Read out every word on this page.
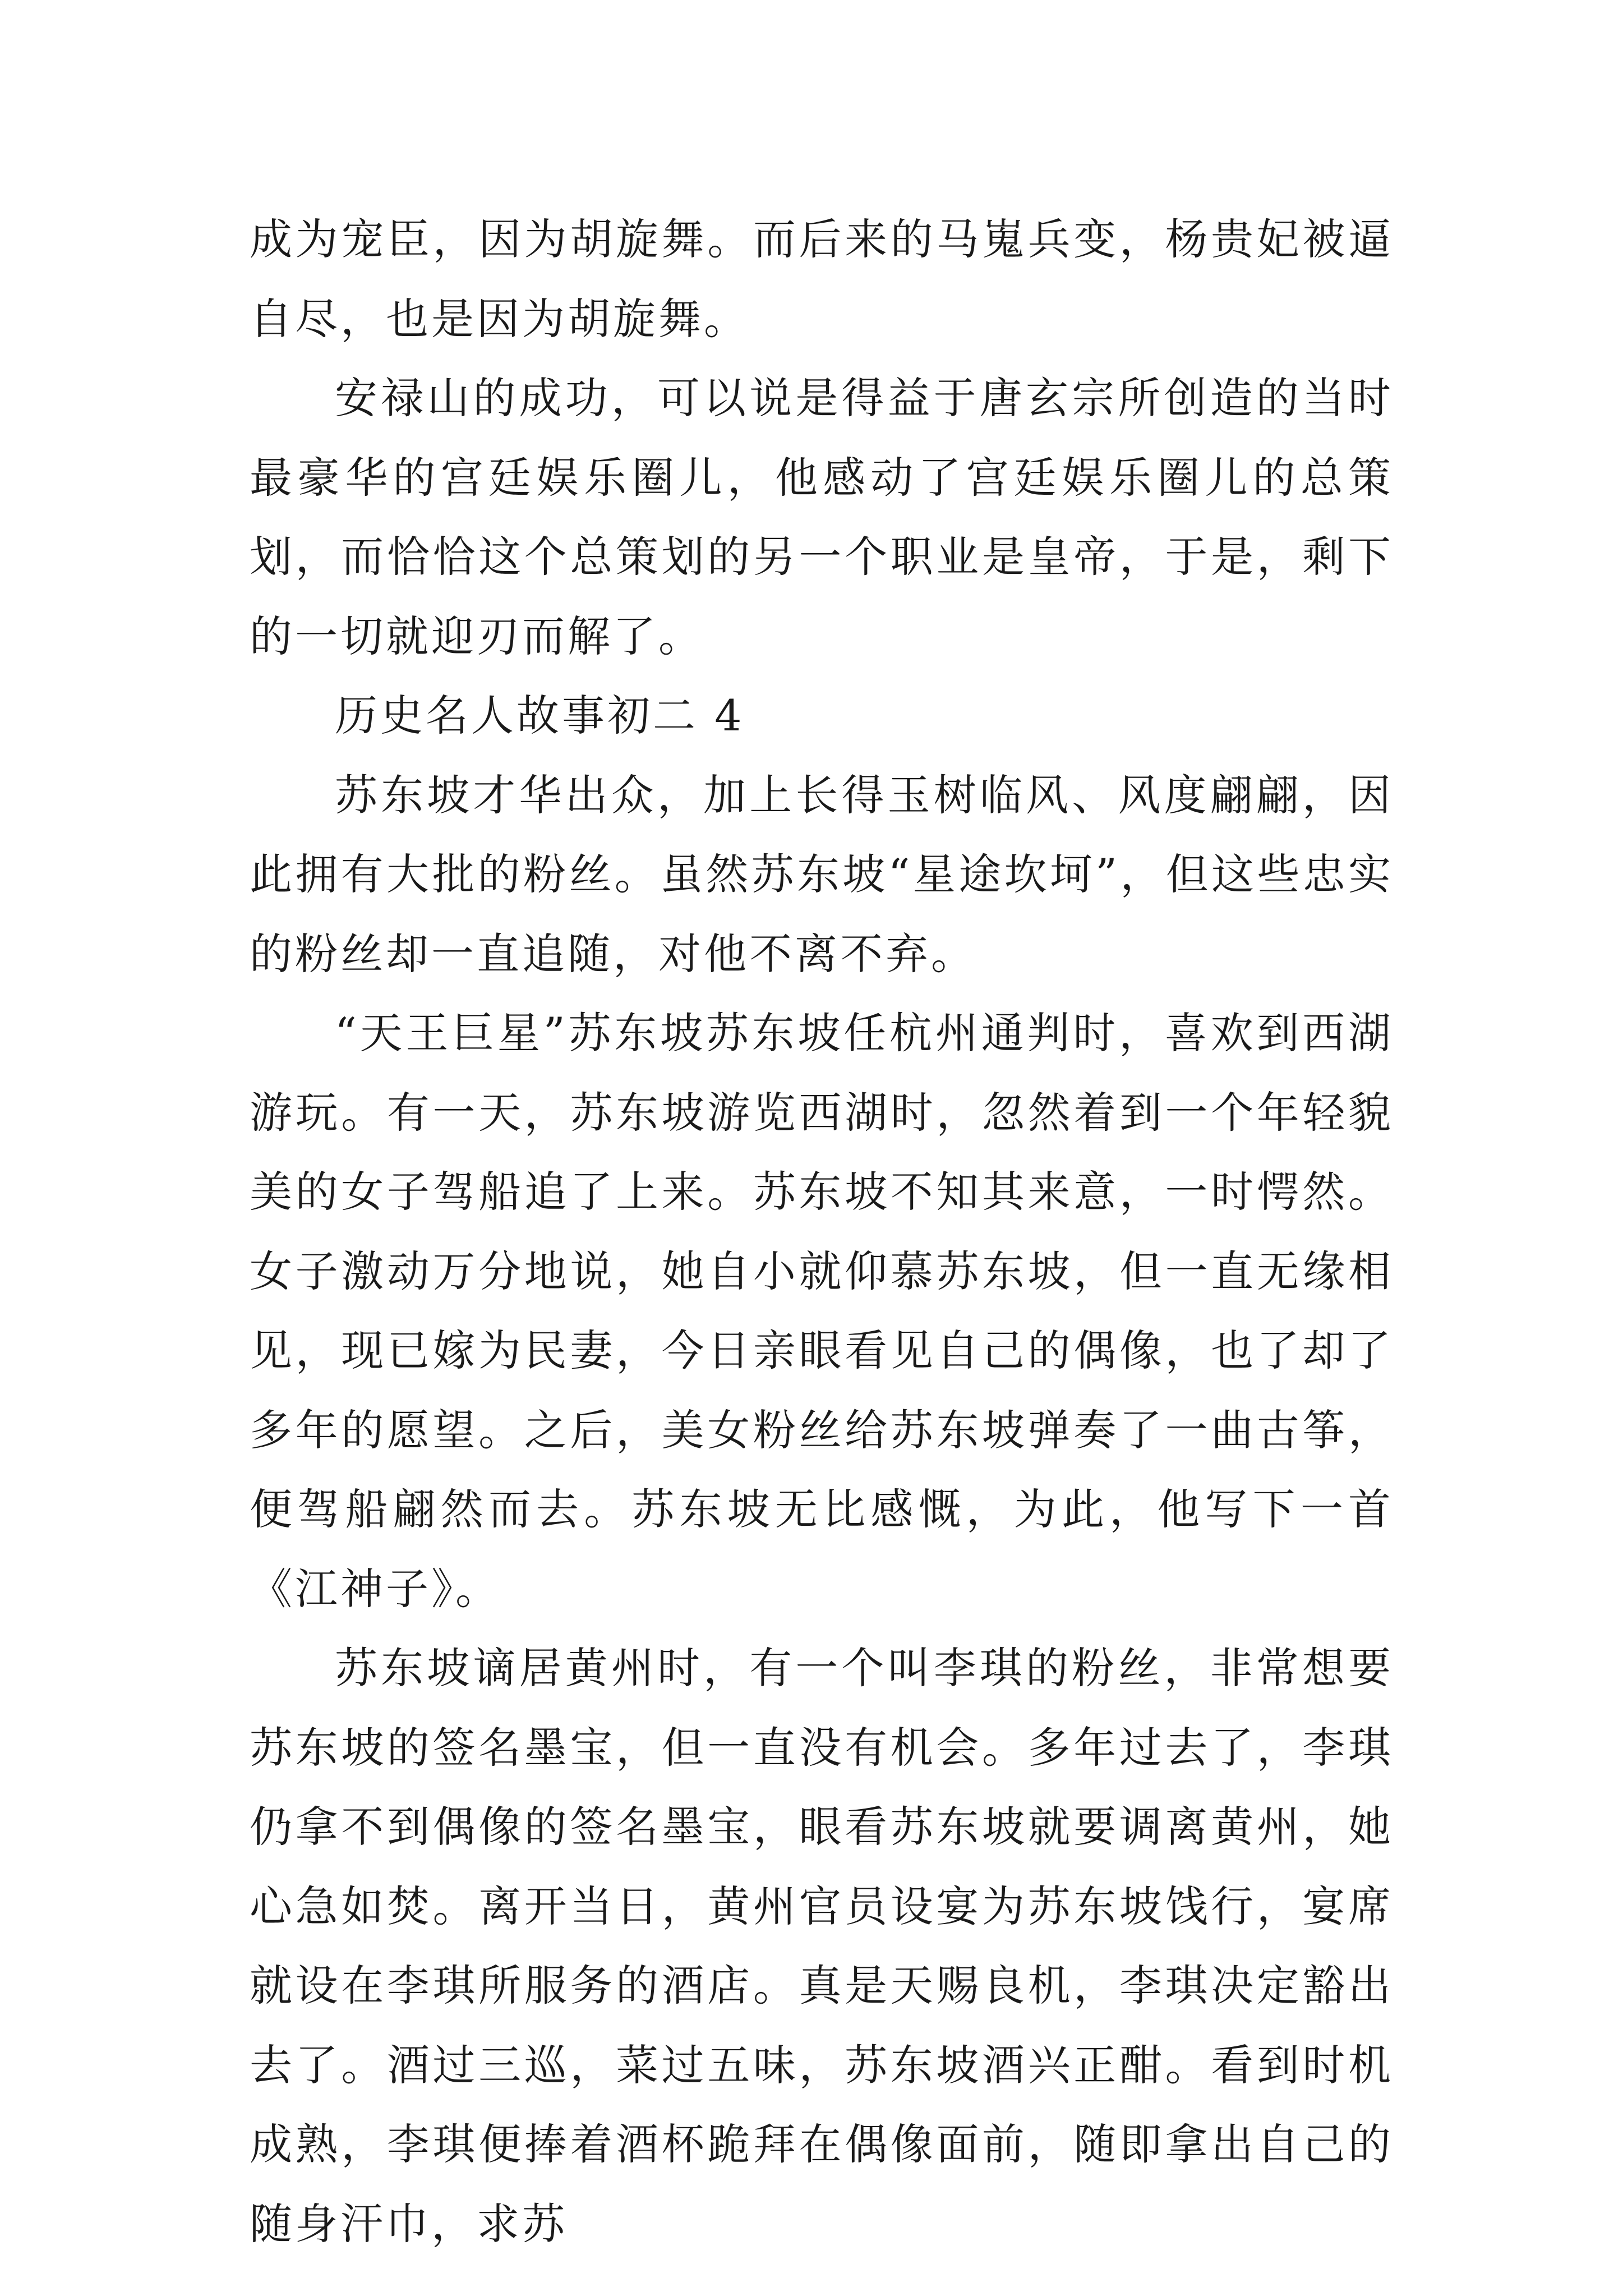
成为宠臣，因为胡旋舞。而后来的马嵬兵变，杨贵妃被逼自尽，也是因为胡旋舞。

安禄山的成功，可以说是得益于唐玄宗所创造的当时最豪华的宫廷娱乐圈儿，他感动了宫廷娱乐圈儿的总策划，而恰恰这个总策划的另一个职业是皇帝，于是，剩下的一切就迎刃而解了。

历史名人故事初二 4

苏东坡才华出众，加上长得玉树临风、风度翩翩，因此拥有大批的粉丝。虽然苏东坡“星途坎坷”，但这些忠实的粉丝却一直追随，对他不离不弃。

“天王巨星”苏东坡苏东坡任杭州通判时，喜欢到西湖游玩。有一天，苏东坡游览西湖时，忽然着到一个年轻貌美的女子驾船追了上来。苏东坡不知其来意，一时愕然。女子激动万分地说，她自小就仰慕苏东坡，但一直无缘相见，现已嫁为民妻，今日亲眼看见自己的偶像，也了却了多年的愿望。之后，美女粉丝给苏东坡弹奏了一曲古筝，便驾船翩然而去。苏东坡无比感慨，为此，他写下一首《江神子》。

苏东坡谪居黄州时，有一个叫李琪的粉丝，非常想要苏东坡的签名墨宝，但一直没有机会。多年过去了，李琪仍拿不到偶像的签名墨宝，眼看苏东坡就要调离黄州，她心急如焚。离开当日，黄州官员设宴为苏东坡饯行，宴席就设在李琪所服务的酒店。真是天赐良机，李琪决定豁出去了。酒过三巡，菜过五味，苏东坡酒兴正酣。看到时机成熟，李琪便捧着酒杯跪拜在偶像面前，随即拿出自己的随身汗巾，求苏
